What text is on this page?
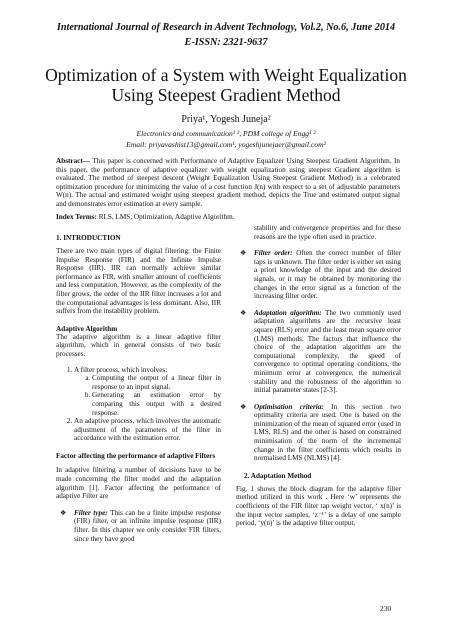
International Journal of Research in Advent Technology, Vol.2, No.6, June 2014
E-ISSN: 2321-9637
Optimization of a System with Weight Equalization
Using Steepest Gradient Method
Priya¹, Yogesh Juneja²
Electronics and communication¹ ², PDM college of Engg¹ ²
Email: priyavashist13@gmail.com¹, yogeshjunejaer@gmail.com²
Abstract— This paper is concerned with Performance of Adaptive Equalizer Using Steepest Gradient Algorithm. In this paper, the performance of adaptive equalizer with weight equalization using steepest Gradient algorithm is evaluated. The method of steepest descent (Weight Equalization Using Steepest Gradient Method) is a celebrated optimization procedure for minimizing the value of a cost function J(n) with respect to a set of adjustable parameters W(n). The actual and estimated weight using steepest gradient method, depicts the True and estimated output signal and demonstrates error estimation at every sample.
Index Terms: RLS, LMS, Optimization, Adaptive Algorithm.
1. INTRODUCTION
There are two main types of digital filtering: the Finite Impulse Response (FIR) and the Infinite Impulse Response (IIR). IIR can normally achieve similar performance as FIR, with smaller amount of coefficients and less computation. However, as the complexity of the filter grows, the order of the IIR filter increases a lot and the computational advantages is less dominant. Also, IIR suffers from the instability problem.
Adaptive Algorithm
The adaptive algorithm is a linear adaptive filter algorithm, which in general consists of two basic processes.
1. A filter process, which involves:
a. Computing the output of a linear filter in response to an input signal.
b. Generating an estimation error by comparing this output with a desired response.
2. An adaptive process, which involves the automatic adjustment of the parameters of the filter in accordance with the estimation error.
Factor affecting the performance of adaptive Filters
In adaptive filtering a number of decisions have to be made concerning the filter model and the adaptation algorithm [1]. Factor affecting the performance of adaptive Filter are
❖ Filter type: This can be a finite impulse response (FIR) filter, or an infinite impulse response (IIR) filter. In this chapter we only consider FIR filters, since they have good
stability and convergence properties and for these reasons are the type often used in practice.
❖ Filter order: Often the correct number of filter taps is unknown. The filter order is either set using a priori knowledge of the input and the desired signals, or it may be obtained by monitoring the changes in the error signal as a function of the increasing filter order.
❖ Adaptation algorithm: The two commonly used adaptation algorithms are the recursive least square (RLS) error and the least mean square error (LMS) methods. The factors that influence the choice of the adaptation algorithm are the computational complexity, the speed of convergence to optimal operating conditions, the minimum error at convergence, the numerical stability and the robustness of the algorithm to initial parameter states [2-3].
❖ Optimisation criteria: In this section two optimality criteria are used. One is based on the minimization of the mean of squared error (used in LMS, RLS) and the other is based on constrained minimisation of the norm of the incremental change in the filter coefficients which results in normalised LMS (NLMS) [4].
2. Adaptation Method
Fig. 1 shows the block diagram for the adaptive filter method utilized in this work . Here ‘w’ represents the coefficients of the FIR filter tap weight vector, ‘ x(n)’ is the input vector samples, ‘z⁻¹’ is a delay of one sample period, ‘y(n)’ is the adaptive filter output,
230
